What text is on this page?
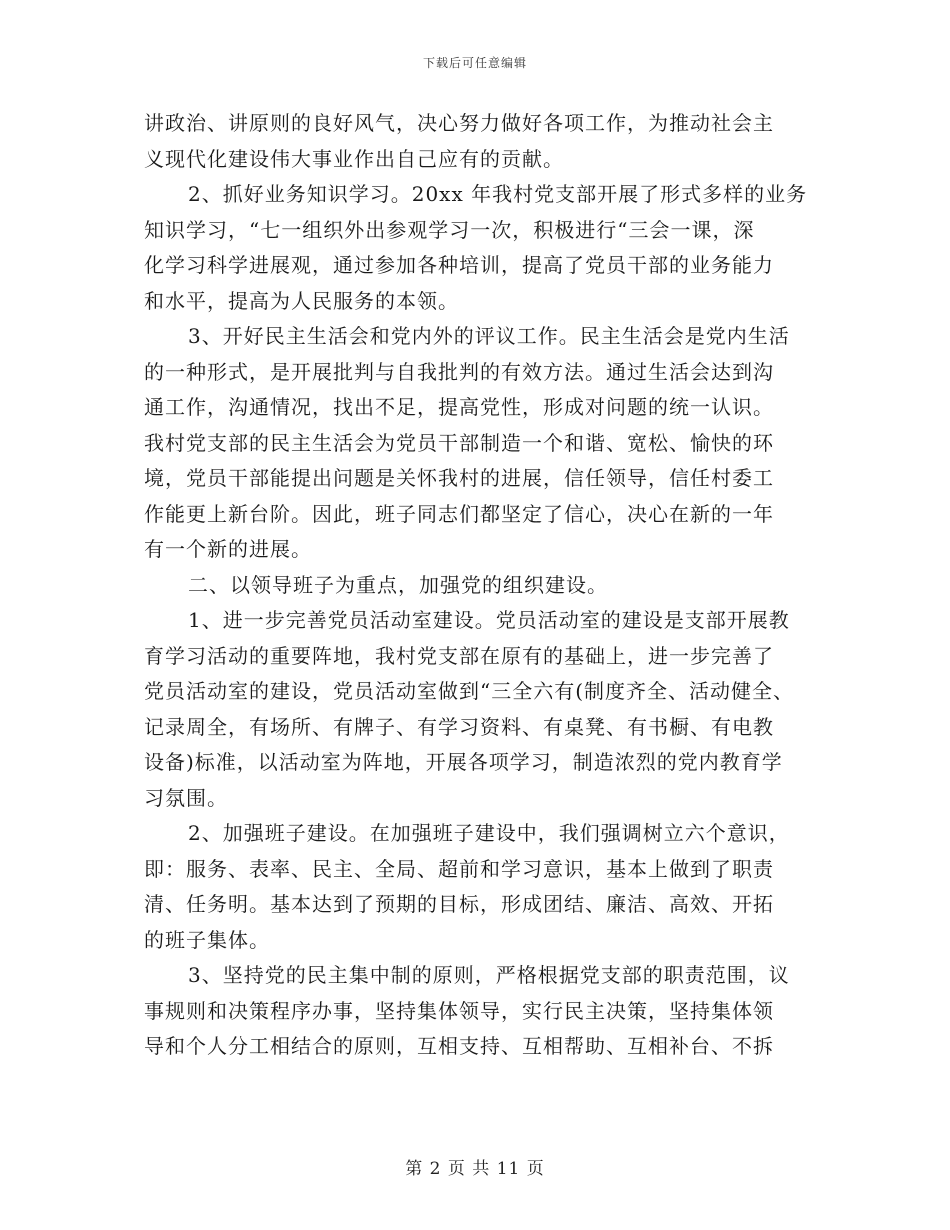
下载后可任意编辑
讲政治、讲原则的良好风气，决心努力做好各项工作，为推动社会主
义现代化建设伟大事业作出自己应有的贡献。
2、抓好业务知识学习。20xx 年我村党支部开展了形式多样的业务
知识学习，“七一组织外出参观学习一次，积极进行“三会一课，深
化学习科学进展观，通过参加各种培训，提高了党员干部的业务能力
和水平，提高为人民服务的本领。
3、开好民主生活会和党内外的评议工作。民主生活会是党内生活
的一种形式，是开展批判与自我批判的有效方法。通过生活会达到沟
通工作，沟通情况，找出不足，提高党性，形成对问题的统一认识。
我村党支部的民主生活会为党员干部制造一个和谐、宽松、愉快的环
境，党员干部能提出问题是关怀我村的进展，信任领导，信任村委工
作能更上新台阶。因此，班子同志们都坚定了信心，决心在新的一年
有一个新的进展。
二、以领导班子为重点，加强党的组织建设。
1、进一步完善党员活动室建设。党员活动室的建设是支部开展教
育学习活动的重要阵地，我村党支部在原有的基础上，进一步完善了
党员活动室的建设，党员活动室做到“三全六有(制度齐全、活动健全、
记录周全，有场所、有牌子、有学习资料、有桌凳、有书橱、有电教
设备)标准，以活动室为阵地，开展各项学习，制造浓烈的党内教育学
习氛围。
2、加强班子建设。在加强班子建设中，我们强调树立六个意识，
即：服务、表率、民主、全局、超前和学习意识，基本上做到了职责
清、任务明。基本达到了预期的目标，形成团结、廉洁、高效、开拓
的班子集体。
3、坚持党的民主集中制的原则，严格根据党支部的职责范围，议
事规则和决策程序办事，坚持集体领导，实行民主决策，坚持集体领
导和个人分工相结合的原则，互相支持、互相帮助、互相补台、不拆
第 2 页 共 11 页
